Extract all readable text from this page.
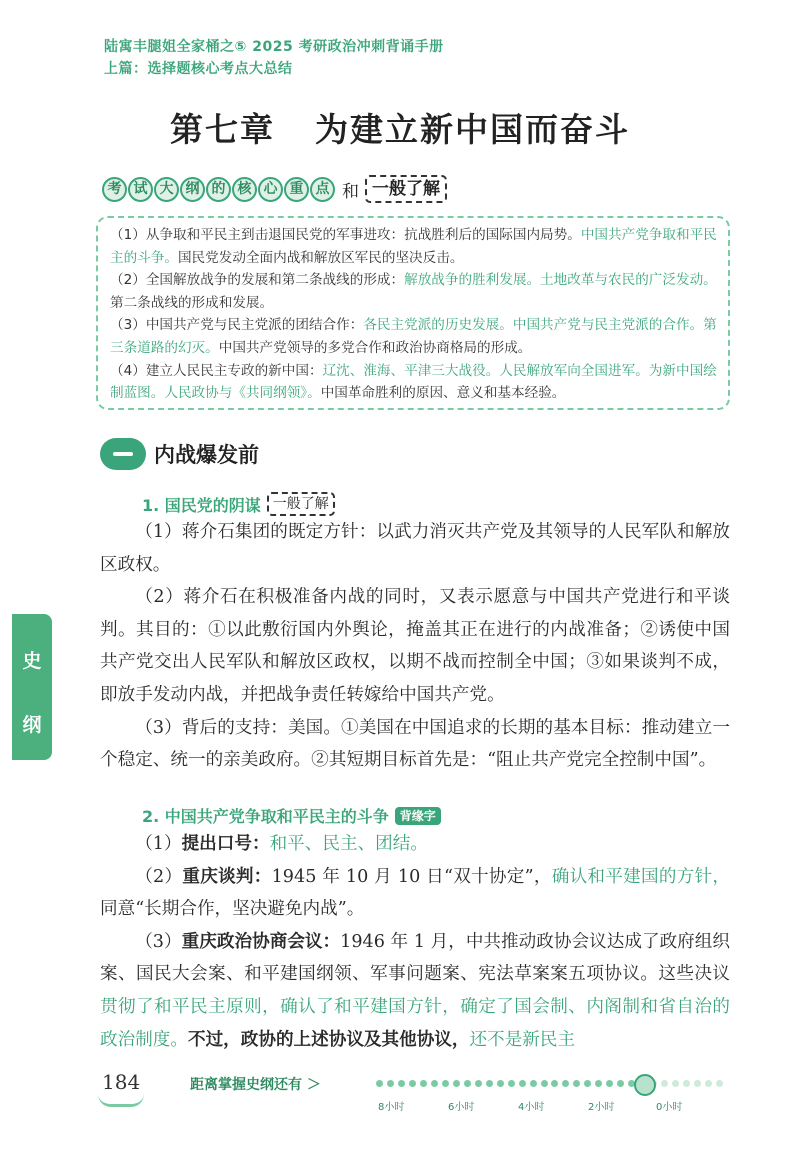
陆寓丰腿姐全家桶之⑤ 2025 考研政治冲刺背诵手册
上篇：选择题核心考点大总结
第七章 为建立新中国而奋斗
考 试 大 纲 的 核 心 重 点 和 一般了解

（1）从争取和平民主到击退国民党的军事进攻：抗战胜利后的国际国内局势。中国共产党争取和平民主的斗争。国民党发动全面内战和解放区军民的坚决反击。

（2）全国解放战争的发展和第二条战线的形成：解放战争的胜利发展。土地改革与农民的广泛发动。第二条战线的形成和发展。

（3）中国共产党与民主党派的团结合作：各民主党派的历史发展。中国共产党与民主党派的合作。第三条道路的幻灭。中国共产党领导的多党合作和政治协商格局的形成。

（4）建立人民民主专政的新中国：辽沈、淮海、平津三大战役。人民解放军向全国进军。为新中国绘制蓝图。人民政协与《共同纲领》。中国革命胜利的原因、意义和基本经验。

内战爆发前
1. 国民党的阴谋 一般了解

（1）蒋介石集团的既定方针：以武力消灭共产党及其领导的人民军队和解放区政权。

（2）蒋介石在积极准备内战的同时，又表示愿意与中国共产党进行和平谈判。其目的：①以此敷衍国内外舆论，掩盖其正在进行的内战准备；②诱使中国共产党交出人民军队和解放区政权，以期不战而控制全中国；③如果谈判不成，即放手发动内战，并把战争责任转嫁给中国共产党。

（3）背后的支持：美国。①美国在中国追求的长期的基本目标：推动建立一个稳定、统一的亲美政府。②其短期目标首先是：“阻止共产党完全控制中国”。

2. 中国共产党争取和平民主的斗争 背缘字

（1）提出口号：和平、民主、团结。

（2）重庆谈判：1945 年 10 月 10 日“双十协定”，确认和平建国的方针，同意“长期合作，坚决避免内战”。

（3）重庆政治协商会议：1946 年 1 月，中共推动政协会议达成了政府组织案、国民大会案、和平建国纲领、军事问题案、宪法草案案五项协议。这些决议贯彻了和平民主原则，确认了和平建国方针，确定了国会制、内阁制和省自治的政治制度。不过，政协的上述协议及其他协议，还不是新民主

史
纲
184	距离掌握史纲还有 ＞
8小时	6小时	4小时	2小时	0小时
